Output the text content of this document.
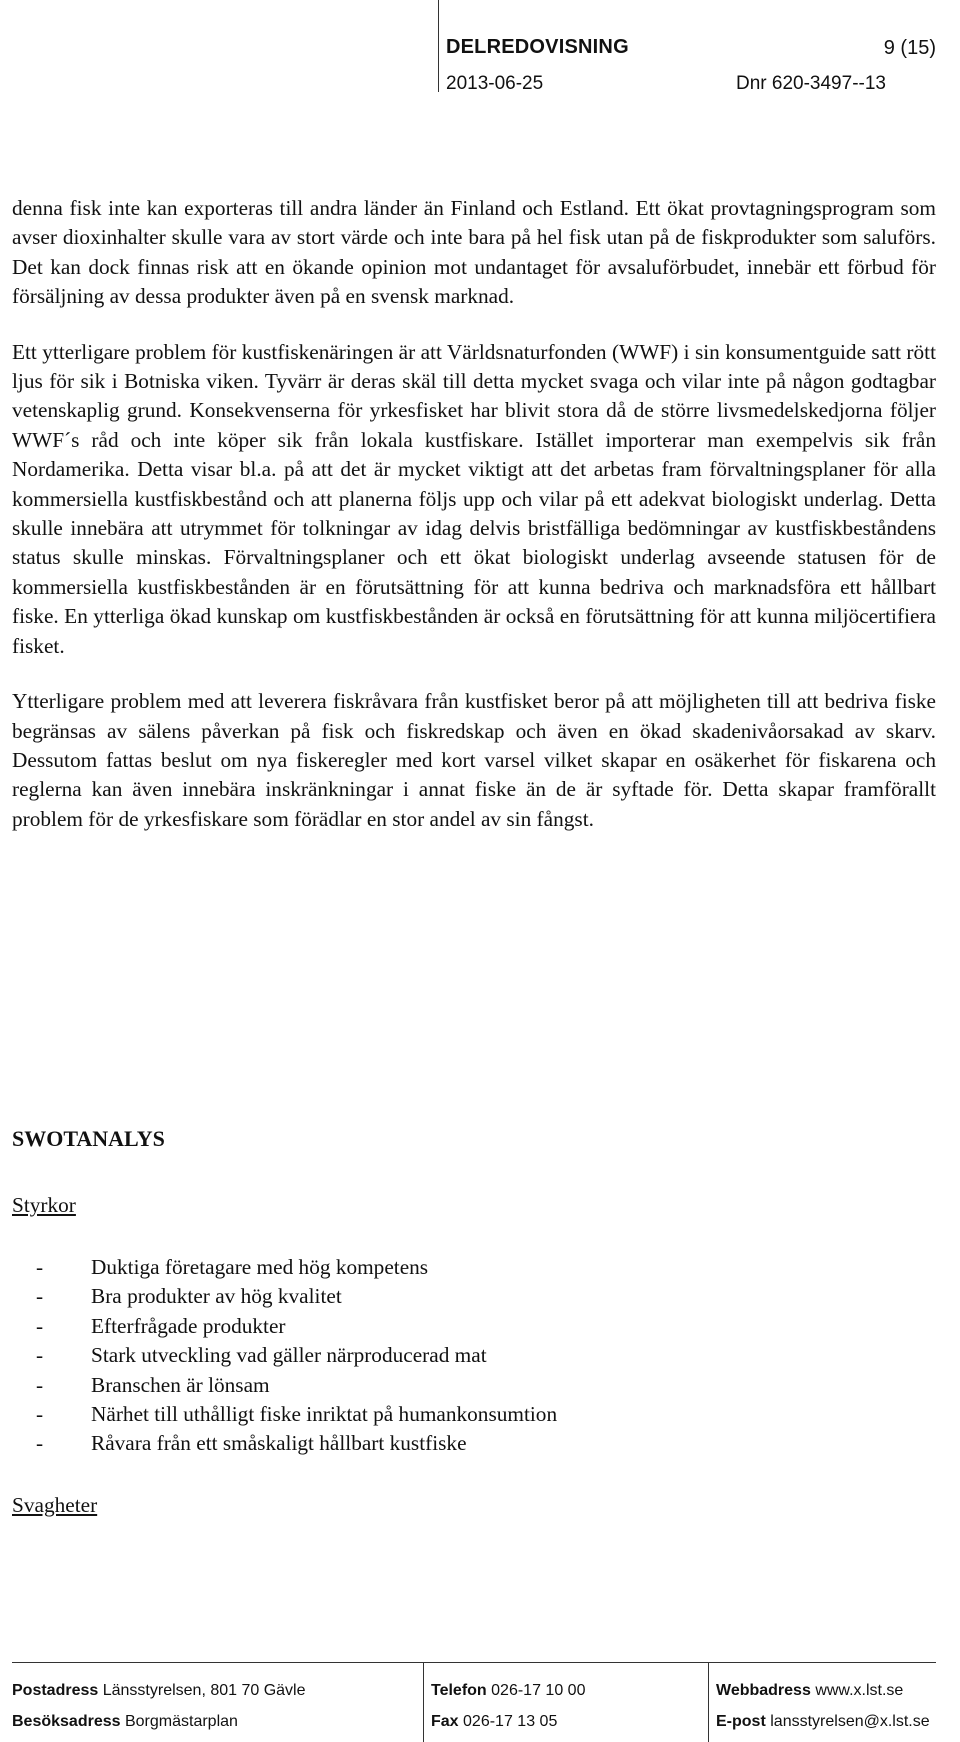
DELREDOVISNING	9 (15)
2013-06-25	Dnr 620-3497--13

denna fisk inte kan exporteras till andra länder än Finland och Estland. Ett ökat provtagningsprogram som avser dioxinhalter skulle vara av stort värde och inte bara på hel fisk utan på de fiskprodukter som saluförs. Det kan dock finnas risk att en ökande opinion mot undantaget för avsaluförbudet, innebär ett förbud för försäljning av dessa produkter även på en svensk marknad.

Ett ytterligare problem för kustfiskenäringen är att Världsnaturfonden (WWF) i sin konsumentguide satt rött ljus för sik i Botniska viken. Tyvärr är deras skäl till detta mycket svaga och vilar inte på någon godtagbar vetenskaplig grund. Konsekvenserna för yrkesfisket har blivit stora då de större livsmedelskedjorna följer WWF´s råd och inte köper sik från lokala kustfiskare. Istället importerar man exempelvis sik från Nordamerika. Detta visar bl.a. på att det är mycket viktigt att det arbetas fram förvaltningsplaner för alla kommersiella kustfiskbestånd och att planerna följs upp och vilar på ett adekvat biologiskt underlag. Detta skulle innebära att utrymmet för tolkningar av idag delvis bristfälliga bedömningar av kustfiskbeståndens status skulle minskas. Förvaltningsplaner och ett ökat biologiskt underlag avseende statusen för de kommersiella kustfiskbestånden är en förutsättning för att kunna bedriva och marknadsföra ett hållbart fiske. En ytterliga ökad kunskap om kustfiskbestånden är också en förutsättning för att kunna miljöcertifiera fisket.

Ytterligare problem med att leverera fiskråvara från kustfisket beror på att möjligheten till att bedriva fiske begränsas av sälens påverkan på fisk och fiskredskap och även en ökad skadenivåorsakad av skarv. Dessutom fattas beslut om nya fiskeregler med kort varsel vilket skapar en osäkerhet för fiskarena och reglerna kan även innebära inskränkningar i annat fiske än de är syftade för. Detta skapar framförallt problem för de yrkesfiskare som förädlar en stor andel av sin fångst.

SWOTANALYS
Styrkor
- Duktiga företagare med hög kompetens
- Bra produkter av hög kvalitet
- Efterfrågade produkter
- Stark utveckling vad gäller närproducerad mat
- Branschen är lönsam
- Närhet till uthålligt fiske inriktat på humankonsumtion
- Råvara från ett småskaligt hållbart kustfiske
Svagheter
Postadress Länsstyrelsen, 801 70 Gävle
Besöksadress Borgmästarplan
Telefon 026-17 10 00
Fax 026-17 13 05
Webbadress www.x.lst.se
E-post lansstyrelsen@x.lst.se
